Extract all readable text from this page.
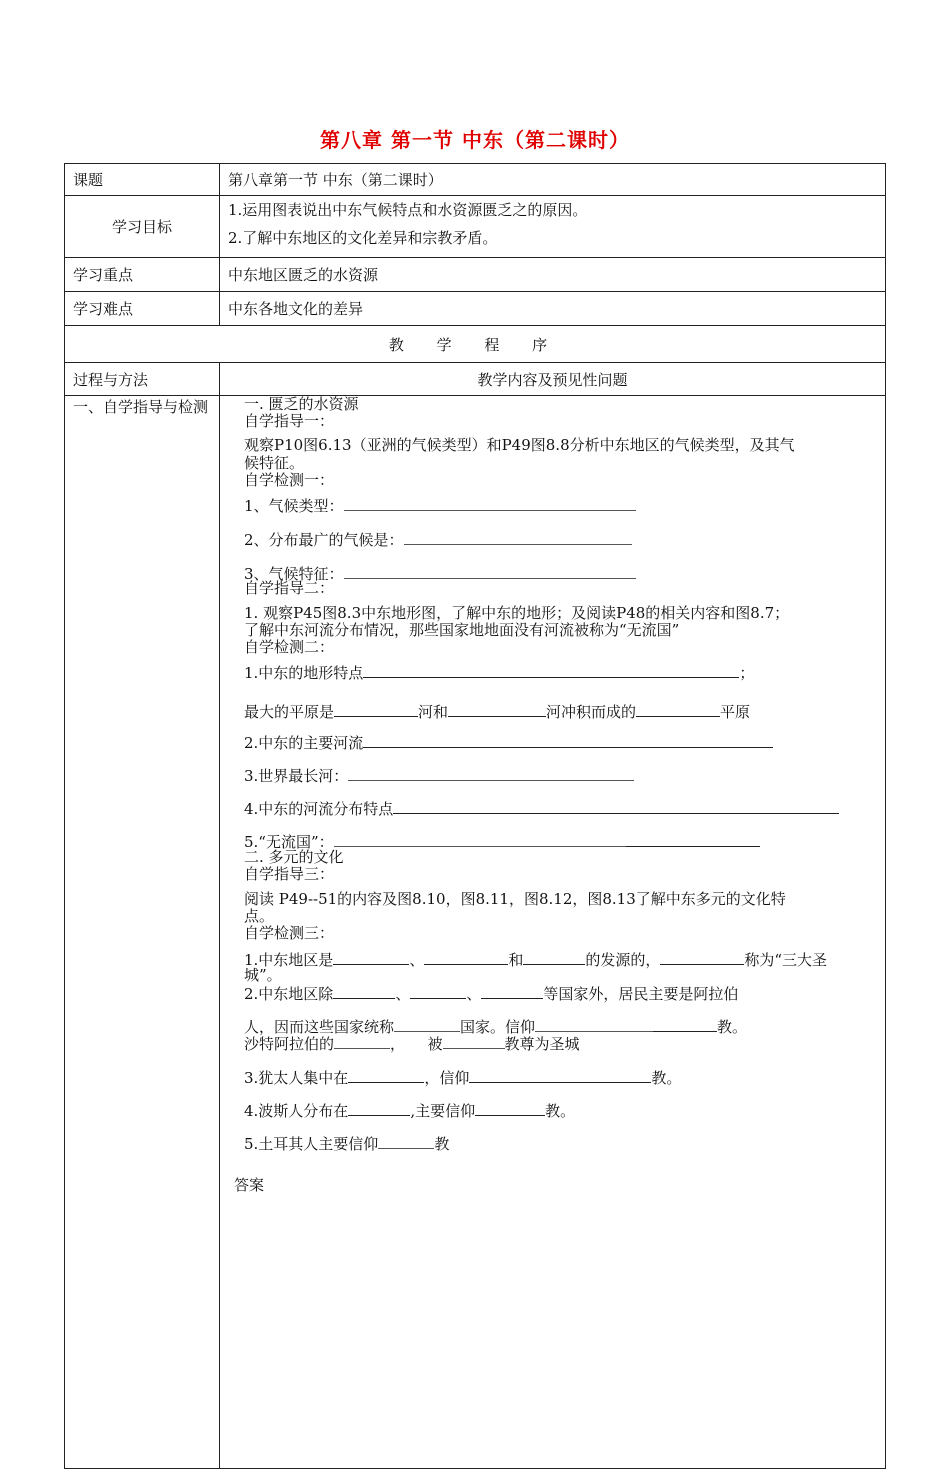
第八章 第一节 中东（第二课时）
课题	第八章第一节 中东（第二课时）
学习目标	1.运用图表说出中东气候特点和水资源匮乏之的原因。
2.了解中东地区的文化差异和宗教矛盾。

学习重点	中东地区匮乏的水资源
学习难点	中东各地文化的差异
教 学 程 序	
过程与方法	教学内容及预见性问题
一、自学指导与检测	一. 匮乏的水资源
自学指导一：
观察P10图6.13（亚洲的气候类型）和P49图8.8分析中东地区的气候类型，及其气
候特征。
自学检测一：
1、气候类型：
2、分布最广的气候是：
3、气候特征：
自学指导二：
1. 观察P45图8.3中东地形图，了解中东的地形；及阅读P48的相关内容和图8.7；
了解中东河流分布情况，那些国家地地面没有河流被称为“无流国”
自学检测二：
1.中东的地形特点	；
最大的平原是	河和	河冲积而成的	平原
2.中东的主要河流
3.世界最长河：
4.中东的河流分布特点
5.“无流国”：
二. 多元的文化
自学指导三：
阅读 P49--51的内容及图8.10，图8.11，图8.12，图8.13了解中东多元的文化特
点。
自学检测三：
1.中东地区是	、	和	的发源的，	称为“三大圣
城”。
2.中东地区除	、	、	等国家外，居民主要是阿拉伯
人，因而这些国家统称	国家。信仰	教。
沙特阿拉伯的	，　　被	教尊为圣城
3.犹太人集中在	，信仰	教。
4.波斯人分布在	,主要信仰	教。
5.土耳其人主要信仰	教
答案
